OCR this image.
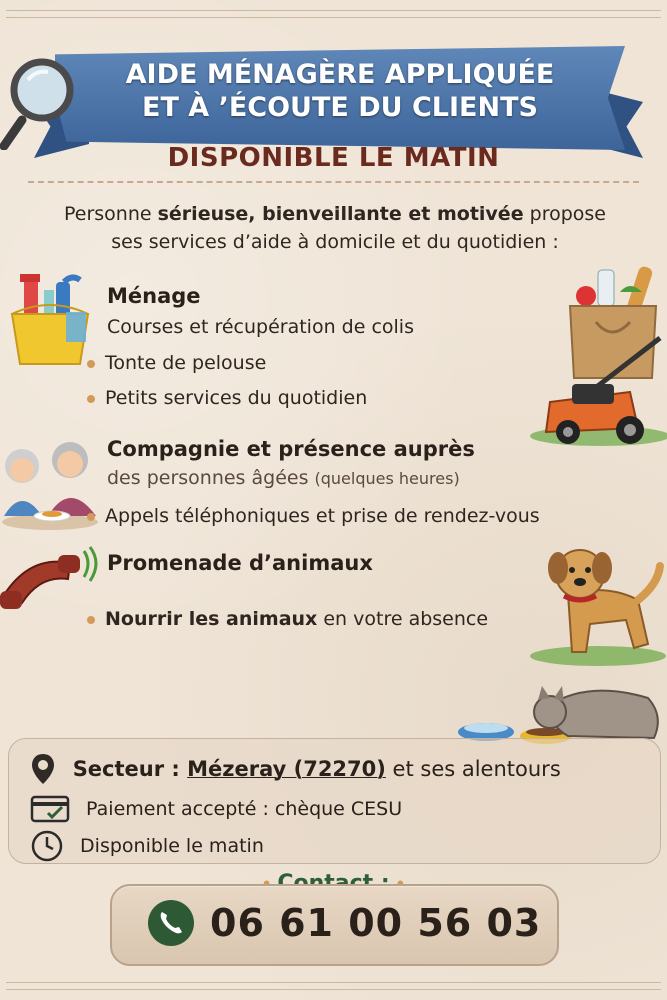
AIDE MÉNAGÈRE APPLIQUÉE
ET À ’ÉCOUTE DU CLIENTS
DISPONIBLE LE MATIN
Personne sérieuse, bienveillante et motivée propose
ses services d’aide à domicile et du quotidien :
Ménage
Courses et récupération de colis
Tonte de pelouse
Petits services du quotidien
Compagnie et présence auprès
des personnes âgées (quelques heures)
Appels téléphoniques et prise de rendez-vous
Promenade d’animaux
Nourrir les animaux en votre absence
Secteur : Mézeray (72270) et ses alentours
Paiement accepté : chèque CESU
Disponible le matin
06 61 00 56 03
